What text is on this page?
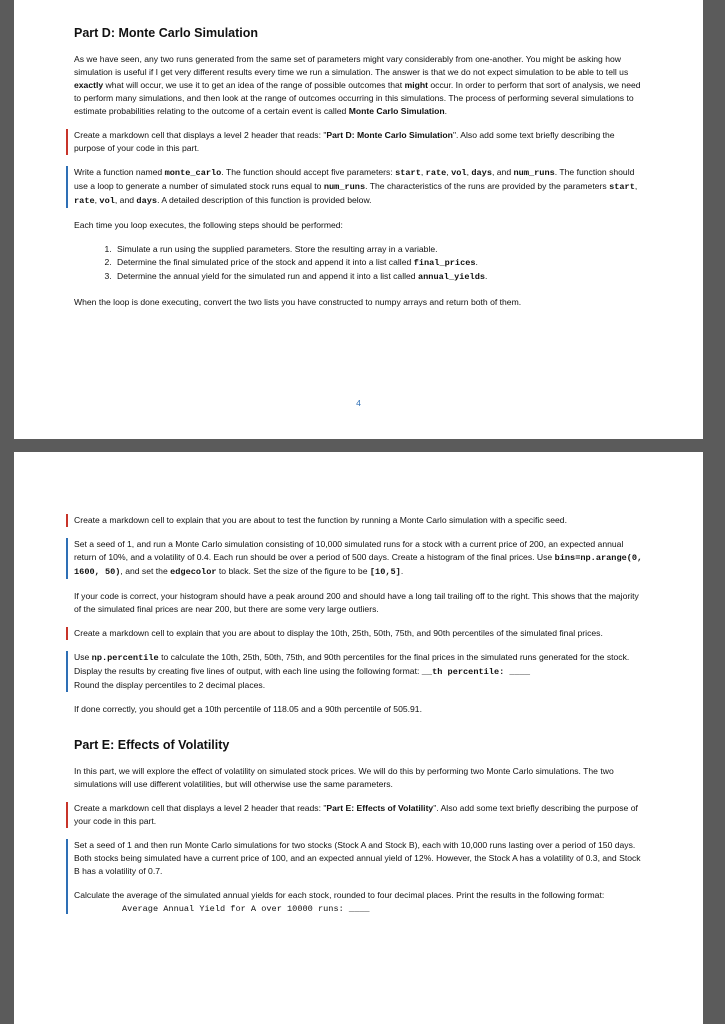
Part D: Monte Carlo Simulation

As we have seen, any two runs generated from the same set of parameters might vary considerably from one-another. You might be asking how simulation is useful if I get very different results every time we run a simulation. The answer is that we do not expect simulation to be able to tell us exactly what will occur, we use it to get an idea of the range of possible outcomes that might occur. In order to perform that sort of analysis, we need to perform many simulations, and then look at the range of outcomes occurring in this simulations. The process of performing several simulations to estimate probabilities relating to the outcome of a certain event is called Monte Carlo Simulation.

Create a markdown cell that displays a level 2 header that reads: "Part D: Monte Carlo Simulation". Also add some text briefly describing the purpose of your code in this part.

Write a function named monte_carlo. The function should accept five parameters: start, rate, vol, days, and num_runs. The function should use a loop to generate a number of simulated stock runs equal to num_runs. The characteristics of the runs are provided by the parameters start, rate, vol, and days. A detailed description of this function is provided below.

Each time you loop executes, the following steps should be performed:

1. Simulate a run using the supplied parameters. Store the resulting array in a variable.
2. Determine the final simulated price of the stock and append it into a list called final_prices.
3. Determine the annual yield for the simulated run and append it into a list called annual_yields.

When the loop is done executing, convert the two lists you have constructed to numpy arrays and return both of them.

4

Create a markdown cell to explain that you are about to test the function by running a Monte Carlo simulation with a specific seed.

Set a seed of 1, and run a Monte Carlo simulation consisting of 10,000 simulated runs for a stock with a current price of 200, an expected annual return of 10%, and a volatility of 0.4. Each run should be over a period of 500 days. Create a histogram of the final prices. Use bins=np.arange(0, 1600, 50), and set the edgecolor to black. Set the size of the figure to be [10,5].

If your code is correct, your histogram should have a peak around 200 and should have a long tail trailing off to the right. This shows that the majority of the simulated final prices are near 200, but there are some very large outliers.

Create a markdown cell to explain that you are about to display the 10th, 25th, 50th, 75th, and 90th percentiles of the simulated final prices.

Use np.percentile to calculate the 10th, 25th, 50th, 75th, and 90th percentiles for the final prices in the simulated runs generated for the stock. Display the results by creating five lines of output, with each line using the following format: __th percentile: ____
Round the display percentiles to 2 decimal places.

If done correctly, you should get a 10th percentile of 118.05 and a 90th percentile of 505.91.

Part E: Effects of Volatility

In this part, we will explore the effect of volatility on simulated stock prices. We will do this by performing two Monte Carlo simulations. The two simulations will use different volatilities, but will otherwise use the same parameters.

Create a markdown cell that displays a level 2 header that reads: "Part E: Effects of Volatility". Also add some text briefly describing the purpose of your code in this part.

Set a seed of 1 and then run Monte Carlo simulations for two stocks (Stock A and Stock B), each with 10,000 runs lasting over a period of 150 days. Both stocks being simulated have a current price of 100, and an expected annual yield of 12%. However, the Stock A has a volatility of 0.3, and Stock B has a volatility of 0.7.

Calculate the average of the simulated annual yields for each stock, rounded to four decimal places. Print the results in the following format:

Average Annual Yield for A over 10000 runs: ____
